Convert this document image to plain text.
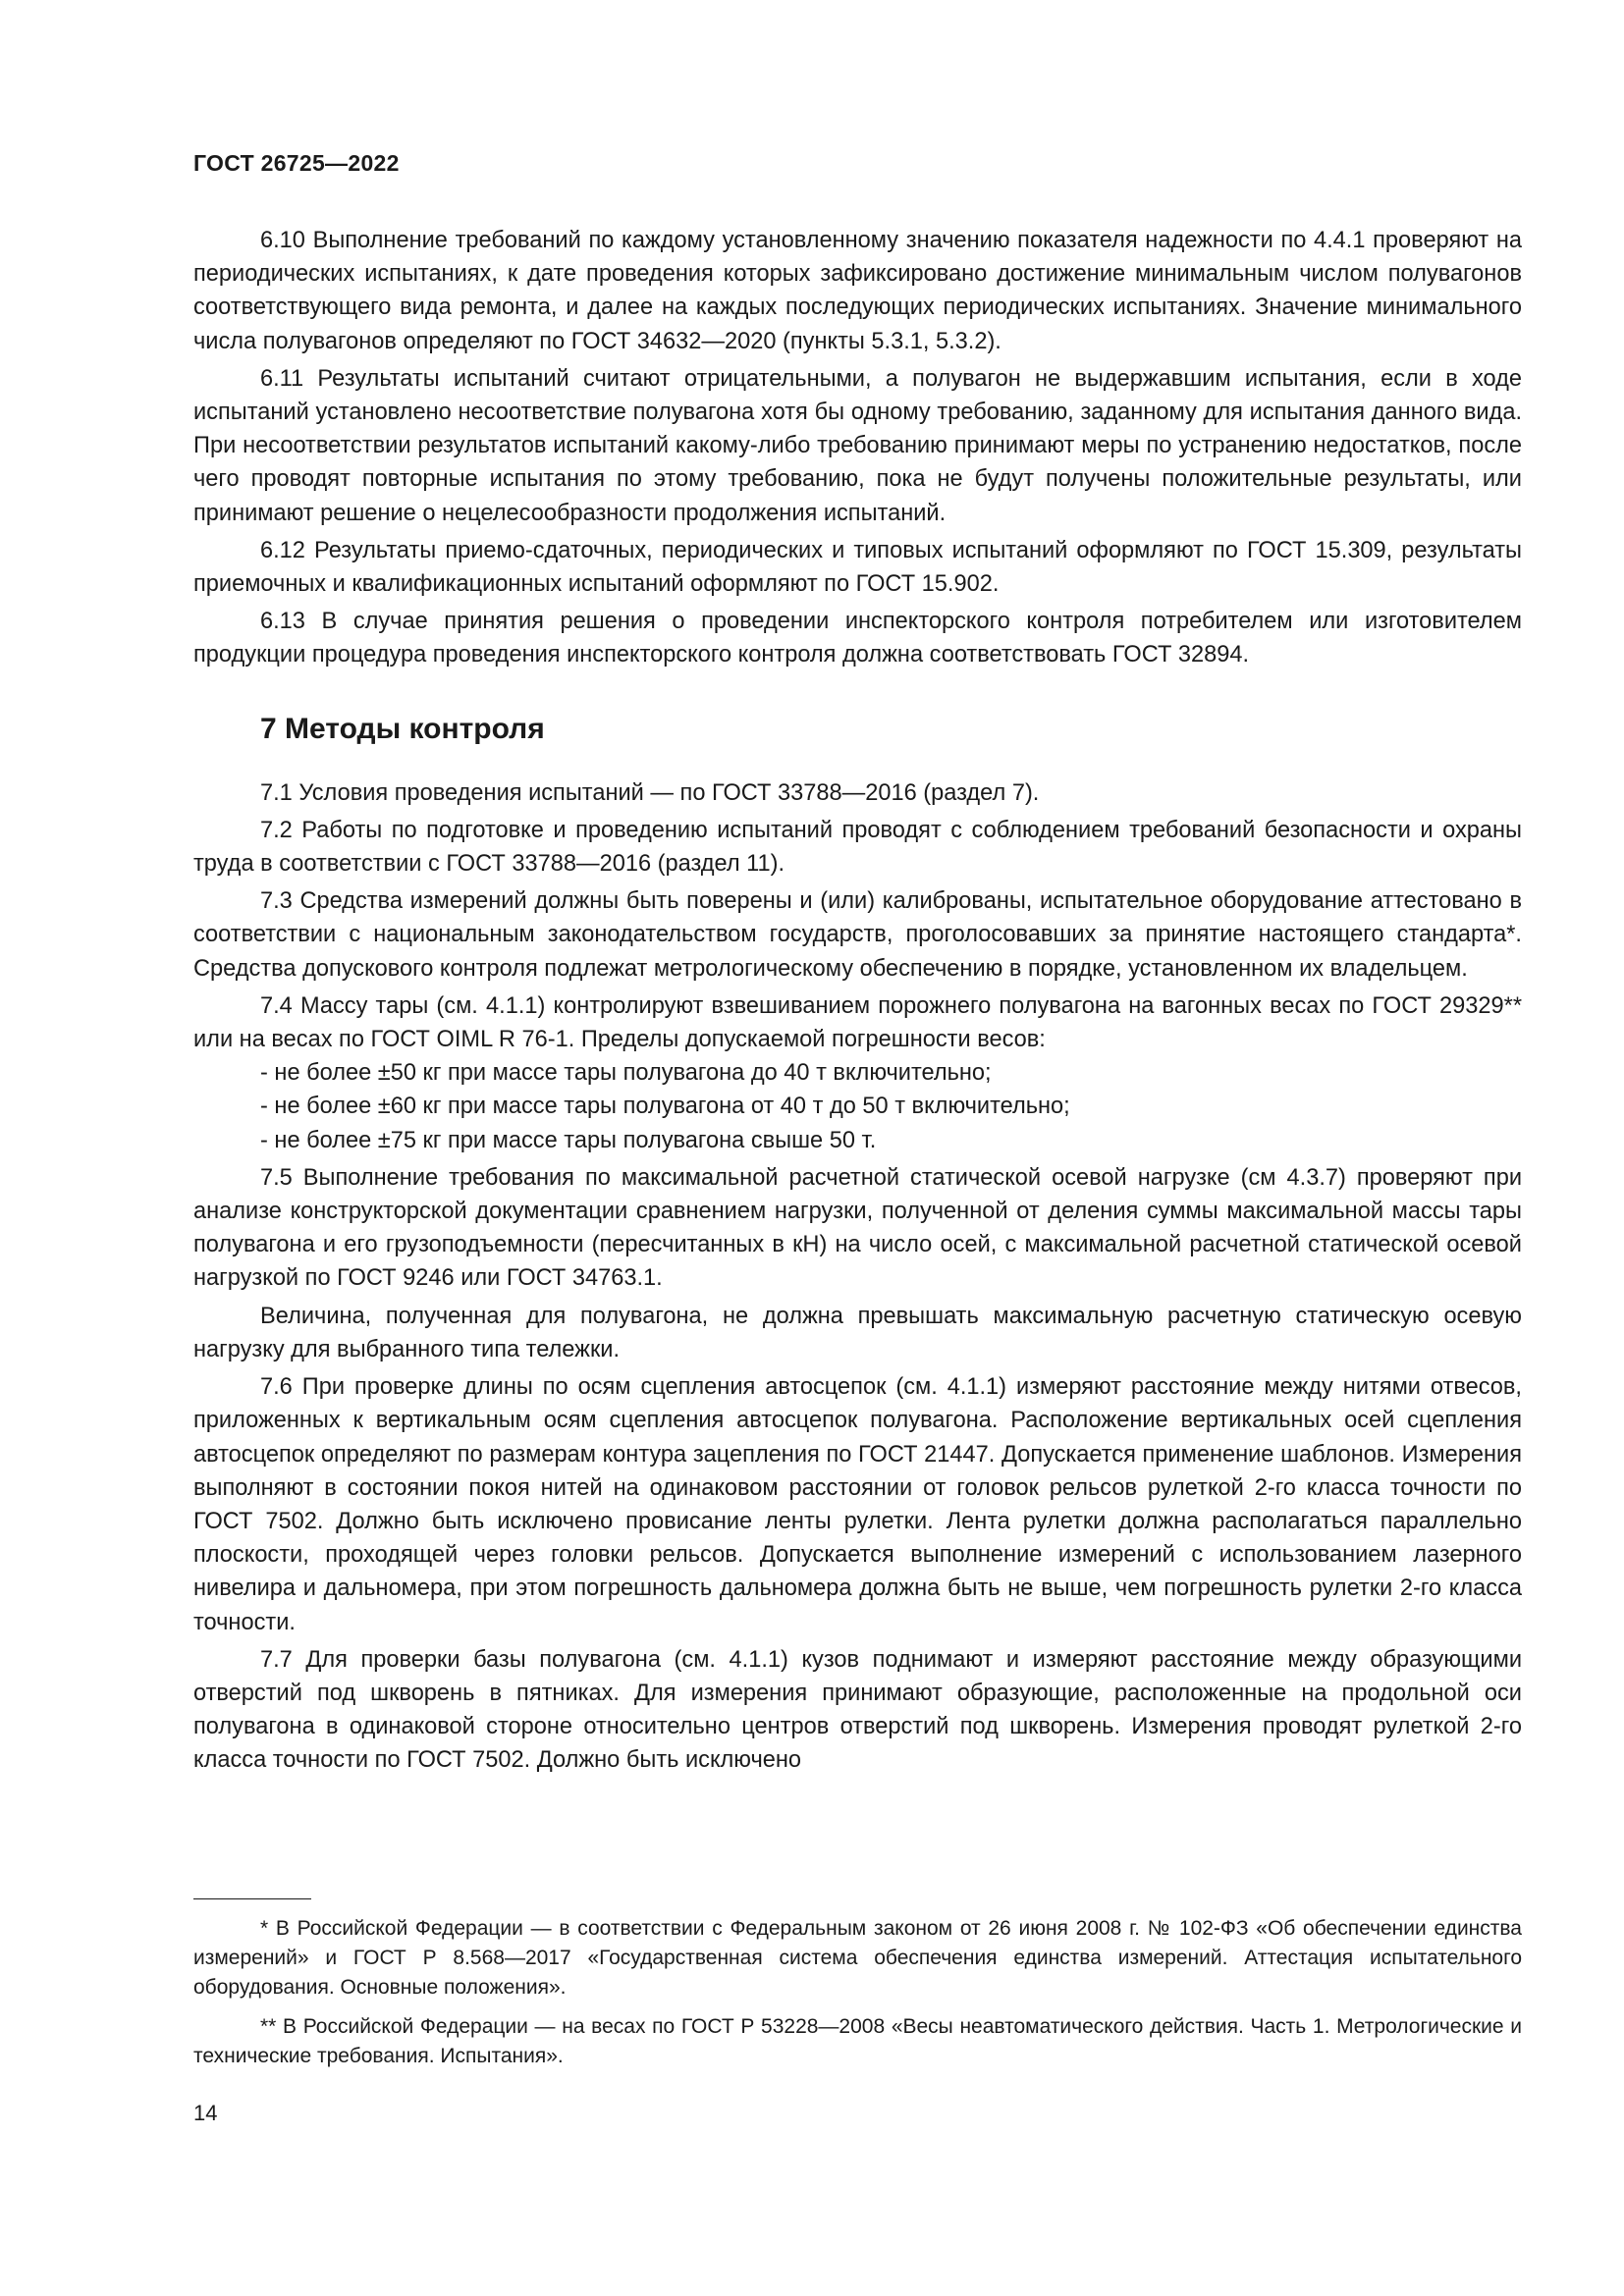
ГОСТ 26725—2022

6.10 Выполнение требований по каждому установленному значению показателя надежности по 4.4.1 проверяют на периодических испытаниях, к дате проведения которых зафиксировано достижение минимальным числом полувагонов соответствующего вида ремонта, и далее на каждых последующих периодических испытаниях. Значение минимального числа полувагонов определяют по ГОСТ 34632—2020 (пункты 5.3.1, 5.3.2).

6.11 Результаты испытаний считают отрицательными, а полувагон не выдержавшим испытания, если в ходе испытаний установлено несоответствие полувагона хотя бы одному требованию, заданному для испытания данного вида. При несоответствии результатов испытаний какому-либо требованию принимают меры по устранению недостатков, после чего проводят повторные испытания по этому требованию, пока не будут получены положительные результаты, или принимают решение о нецелесообразности продолжения испытаний.

6.12 Результаты приемо-сдаточных, периодических и типовых испытаний оформляют по ГОСТ 15.309, результаты приемочных и квалификационных испытаний оформляют по ГОСТ 15.902.

6.13 В случае принятия решения о проведении инспекторского контроля потребителем или изготовителем продукции процедура проведения инспекторского контроля должна соответствовать ГОСТ 32894.

7 Методы контроля

7.1 Условия проведения испытаний — по ГОСТ 33788—2016 (раздел 7).

7.2 Работы по подготовке и проведению испытаний проводят с соблюдением требований безопасности и охраны труда в соответствии с ГОСТ 33788—2016 (раздел 11).

7.3 Средства измерений должны быть поверены и (или) калиброваны, испытательное оборудование аттестовано в соответствии с национальным законодательством государств, проголосовавших за принятие настоящего стандарта*. Средства допускового контроля подлежат метрологическому обеспечению в порядке, установленном их владельцем.

7.4 Массу тары (см. 4.1.1) контролируют взвешиванием порожнего полувагона на вагонных весах по ГОСТ 29329** или на весах по ГОСТ OIML R 76-1. Пределы допускаемой погрешности весов:

- не более ±50 кг при массе тары полувагона до 40 т включительно;

- не более ±60 кг при массе тары полувагона от 40 т до 50 т включительно;

- не более ±75 кг при массе тары полувагона свыше 50 т.

7.5 Выполнение требования по максимальной расчетной статической осевой нагрузке (см 4.3.7) проверяют при анализе конструкторской документации сравнением нагрузки, полученной от деления суммы максимальной массы тары полувагона и его грузоподъемности (пересчитанных в кН) на число осей, с максимальной расчетной статической осевой нагрузкой по ГОСТ 9246 или ГОСТ 34763.1.

Величина, полученная для полувагона, не должна превышать максимальную расчетную статическую осевую нагрузку для выбранного типа тележки.

7.6 При проверке длины по осям сцепления автосцепок (см. 4.1.1) измеряют расстояние между нитями отвесов, приложенных к вертикальным осям сцепления автосцепок полувагона. Расположение вертикальных осей сцепления автосцепок определяют по размерам контура зацепления по ГОСТ 21447. Допускается применение шаблонов. Измерения выполняют в состоянии покоя нитей на одинаковом расстоянии от головок рельсов рулеткой 2-го класса точности по ГОСТ 7502. Должно быть исключено провисание ленты рулетки. Лента рулетки должна располагаться параллельно плоскости, проходящей через головки рельсов. Допускается выполнение измерений с использованием лазерного нивелира и дальномера, при этом погрешность дальномера должна быть не выше, чем погрешность рулетки 2-го класса точности.

7.7 Для проверки базы полувагона (см. 4.1.1) кузов поднимают и измеряют расстояние между образующими отверстий под шкворень в пятниках. Для измерения принимают образующие, расположенные на продольной оси полувагона в одинаковой стороне относительно центров отверстий под шкворень. Измерения проводят рулеткой 2-го класса точности по ГОСТ 7502. Должно быть исключено

* В Российской Федерации — в соответствии с Федеральным законом от 26 июня 2008 г. № 102-ФЗ «Об обеспечении единства измерений» и ГОСТ Р 8.568—2017 «Государственная система обеспечения единства измерений. Аттестация испытательного оборудования. Основные положения».

** В Российской Федерации — на весах по ГОСТ Р 53228—2008 «Весы неавтоматического действия. Часть 1. Метрологические и технические требования. Испытания».

14
